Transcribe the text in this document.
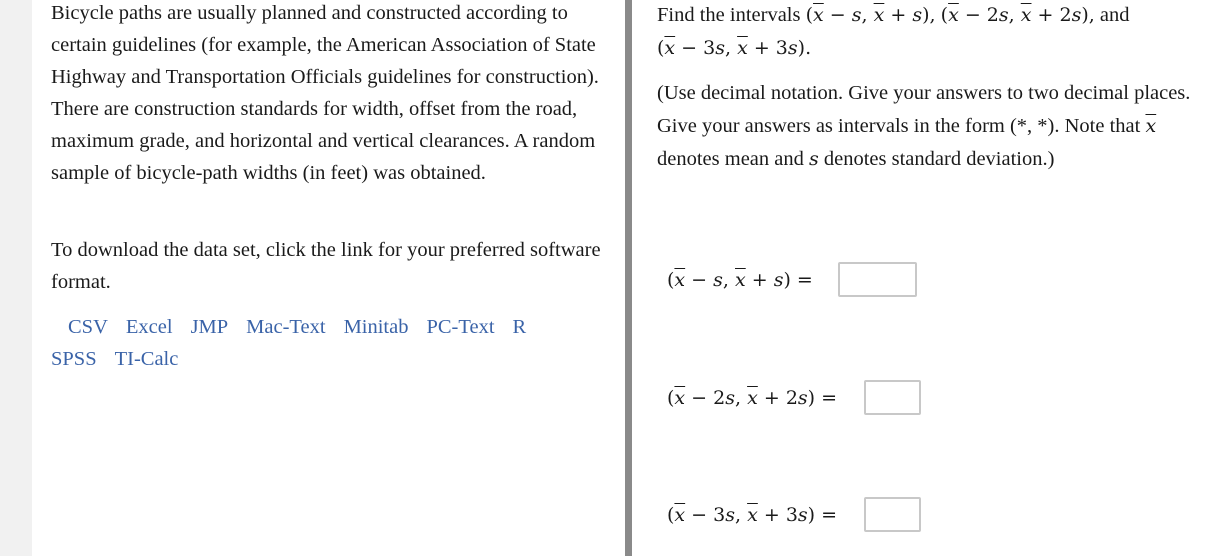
Bicycle paths are usually planned and constructed according to certain guidelines (for example, the American Association of State Highway and Transportation Officials guidelines for construction). There are construction standards for width, offset from the road, maximum grade, and horizontal and vertical clearances. A random sample of bicycle-path widths (in feet) was obtained.

To download the data set, click the link for your preferred software format.

CSV Excel JMP Mac-Text Minitab PC-Text R
SPSS TI-Calc

Find the intervals ($\overline{x} - s$, $\overline{x} + s$), ($\overline{x} - 2s$, $\overline{x} + 2s$), and
($\overline{x} - 3s$, $\overline{x} + 3s$).

(Use decimal notation. Give your answers to two decimal places. Give your answers as intervals in the form (*, *). Note that $\overline{x}$ denotes mean and s denotes standard deviation.)

($\overline{x} - s$, $\overline{x} + s$) =
($\overline{x} - 2s$, $\overline{x} + 2s$) =
($\overline{x} - 3s$, $\overline{x} + 3s$) =
